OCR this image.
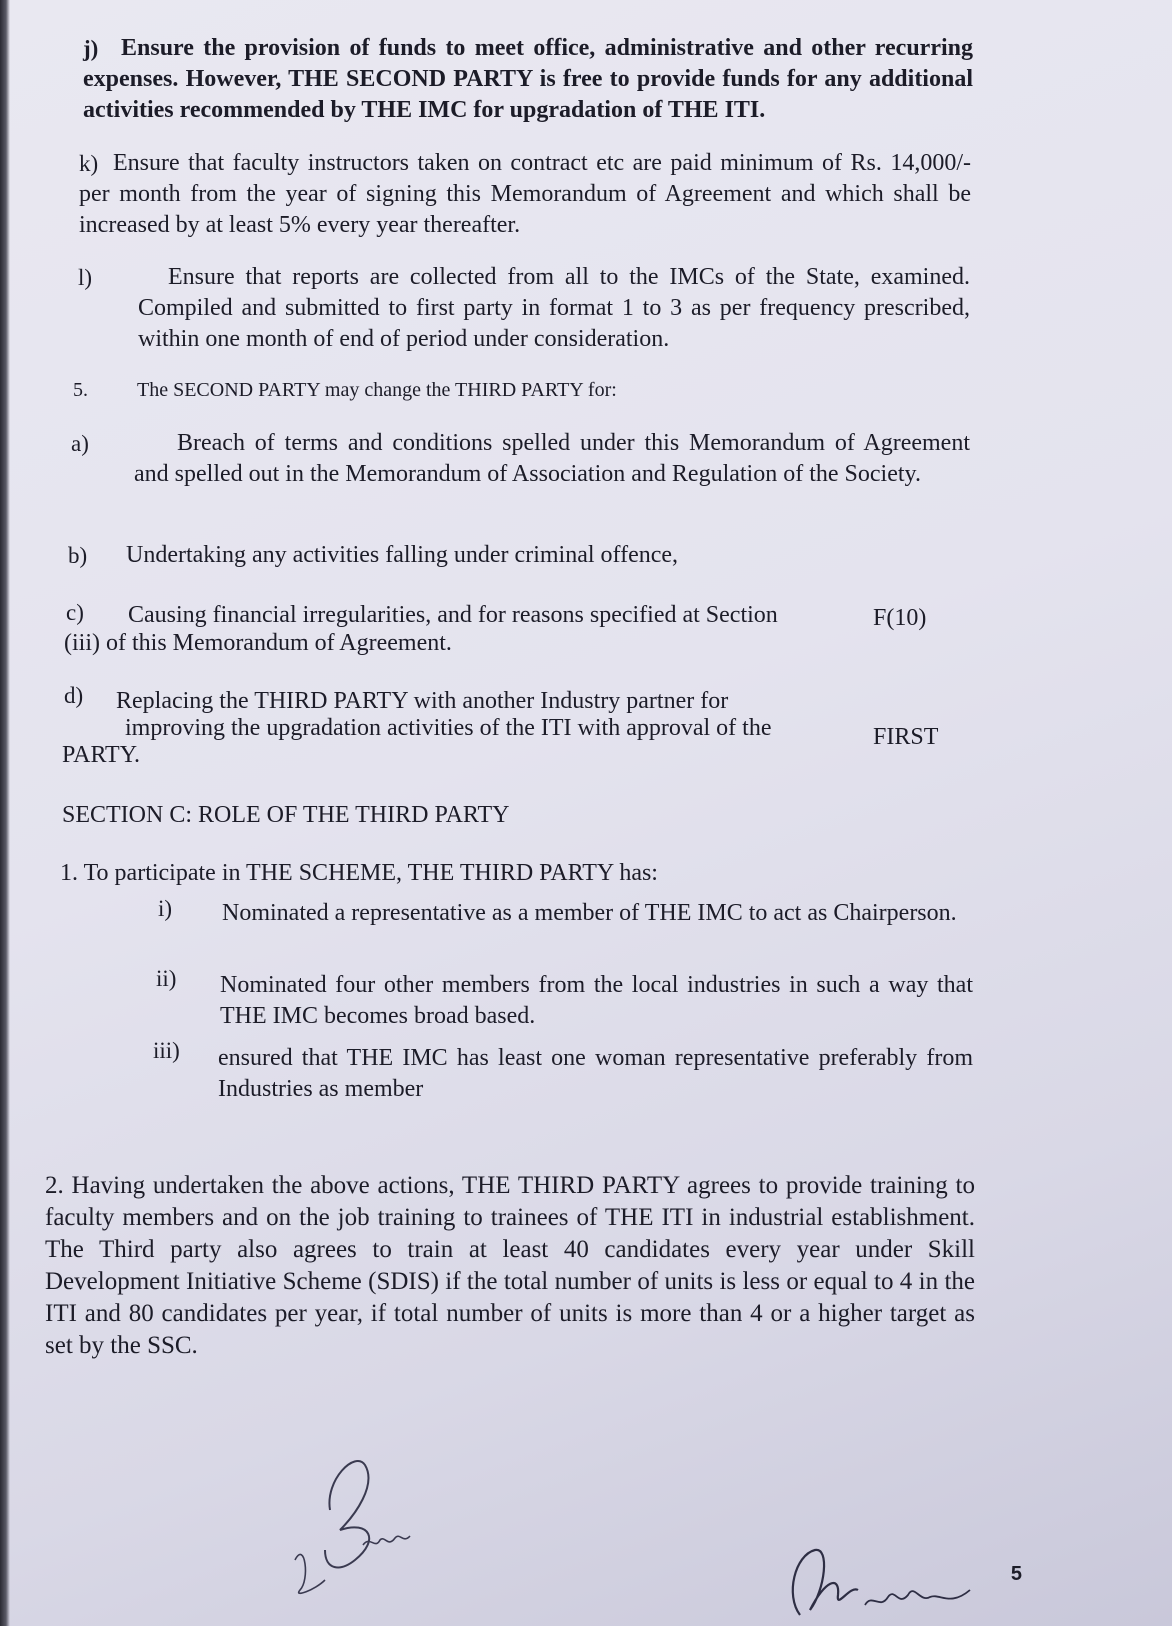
j) Ensure the provision of funds to meet office, administrative and other recurring expenses. However, THE SECOND PARTY is free to provide funds for any additional activities recommended by THE IMC for upgradation of THE ITI.
k) Ensure that faculty instructors taken on contract etc are paid minimum of Rs. 14,000/- per month from the year of signing this Memorandum of Agreement and which shall be increased by at least 5% every year thereafter.
l)	Ensure that reports are collected from all to the IMCs of the State, examined. Compiled and submitted to first party in format 1 to 3 as per frequency prescribed, within one month of end of period under consideration.
5. The SECOND PARTY may change the THIRD PARTY for:
a)	Breach of terms and conditions spelled under this Memorandum of Agreement and spelled out in the Memorandum of Association and Regulation of the Society.
b) Undertaking any activities falling under criminal offence,
c) Causing financial irregularities, and for reasons specified at Section	F(10)
(iii) of this Memorandum of Agreement.
d) Replacing the THIRD PARTY with another Industry partner for
improving the upgradation activities of the ITI with approval of the	FIRST
PARTY.
SECTION C: ROLE OF THE THIRD PARTY
1. To participate in THE SCHEME, THE THIRD PARTY has:
i) Nominated a representative as a member of THE IMC to act as Chairperson.
ii) Nominated four other members from the local industries in such a way that THE IMC becomes broad based.
iii) ensured that THE IMC has least one woman representative preferably from Industries as member
2. Having undertaken the above actions, THE THIRD PARTY agrees to provide training to faculty members and on the job training to trainees of THE ITI in industrial establishment. The Third party also agrees to train at least 40 candidates every year under Skill Development Initiative Scheme (SDIS) if the total number of units is less or equal to 4 in the ITI and 80 candidates per year, if total number of units is more than 4 or a higher target as set by the SSC.
5
